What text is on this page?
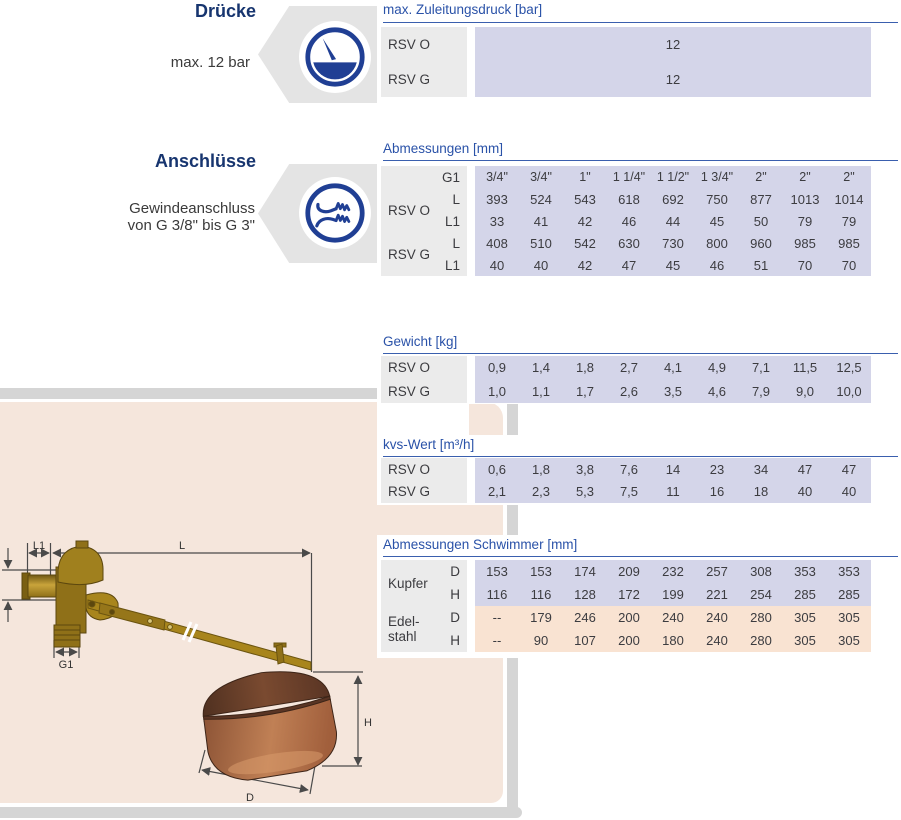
Drücke
max. 12 bar
Anschlüsse
Gewindeanschluss
von G 3/8" bis G 3"
max. Zuleitungsdruck [bar]
RSV O
RSV G
12
12
Abmessungen [mm]
G1
RSV O
L
L1
RSV G
L
L1
3/4" 3/4" 1" 1 1/4" 1 1/2" 1 3/4" 2"	2"	2"
393 524 543 618 692 750 877 1013 1014
33 41 42 46 44 45 50 79 79
408 510 542 630 730 800 960 985 985
40 40 42 47 45 46 51 70 70
Gewicht [kg]
RSV O
RSV G
0,9 1,4 1,8 2,7 4,1 4,9 7,1 11,5 12,5
1,0 1,1 1,7 2,6 3,5 4,6 7,9 9,0 10,0
kvs-Wert [m³/h]
RSV O
RSV G
0,6 1,8 3,8 7,6 14 23 34 47 47
2,1 2,3 5,3 7,5 11 16 18 40 40
Abmessungen Schwimmer [mm]
Kupfer
D
H
Edel-
stahl
D
H
153 153 174 209 232 257 308 353 353
116 116 128 172 199 221 254 285 285
-- 179 246 200 240 240 280 305 305
-- 90 107 200 180 240 280 305 305
L1	L
G1
H
D
